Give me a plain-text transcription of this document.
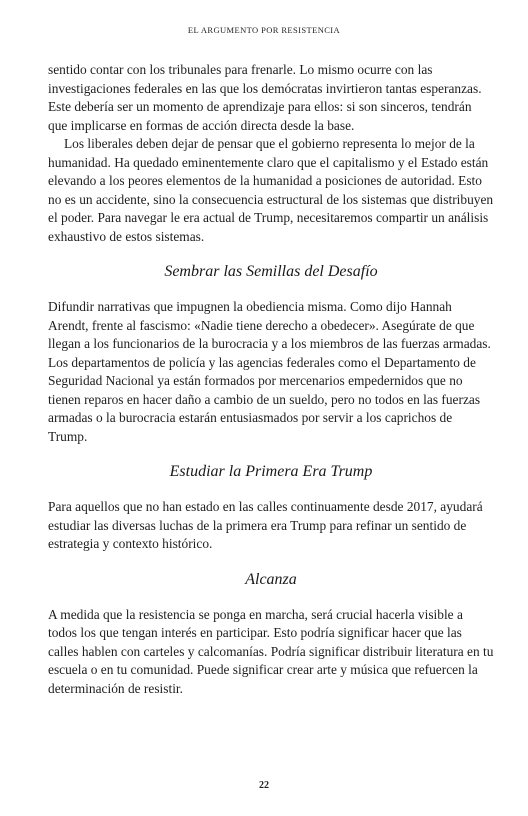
EL ARGUMENTO POR RESISTENCIA

sentido contar con los tribunales para frenarle. Lo mismo ocurre con las investigaciones federales en las que los demócratas invirtieron tantas esperanzas. Este debería ser un momento de aprendizaje para ellos: si son sinceros, tendrán que implicarse en formas de acción directa desde la base.

Los liberales deben dejar de pensar que el gobierno representa lo mejor de la humanidad. Ha quedado eminentemente claro que el capitalismo y el Estado están elevando a los peores elementos de la humanidad a posiciones de autoridad. Esto no es un accidente, sino la consecuencia estructural de los sistemas que distribuyen el poder. Para navegar le era actual de Trump, necesitaremos compartir un análisis exhaustivo de estos sistemas.

Sembrar las Semillas del Desafío

Difundir narrativas que impugnen la obediencia misma. Como dijo Hannah Arendt, frente al fascismo: «Nadie tiene derecho a obedecer». Asegúrate de que llegan a los funcionarios de la burocracia y a los miembros de las fuerzas armadas. Los departamentos de policía y las agencias federales como el Departamento de Seguridad Nacional ya están formados por mercenarios empedernidos que no tienen reparos en hacer daño a cambio de un sueldo, pero no todos en las fuerzas armadas o la burocracia estarán entusiasmados por servir a los caprichos de Trump.

Estudiar la Primera Era Trump

Para aquellos que no han estado en las calles continuamente desde 2017, ayudará estudiar las diversas luchas de la primera era Trump para refinar un sentido de estrategia y contexto histórico.

Alcanza

A medida que la resistencia se ponga en marcha, será crucial hacerla visible a todos los que tengan interés en participar. Esto podría significar hacer que las calles hablen con carteles y calcomanías. Podría significar distribuir literatura en tu escuela o en tu comunidad. Puede significar crear arte y música que refuercen la determinación de resistir.

22
